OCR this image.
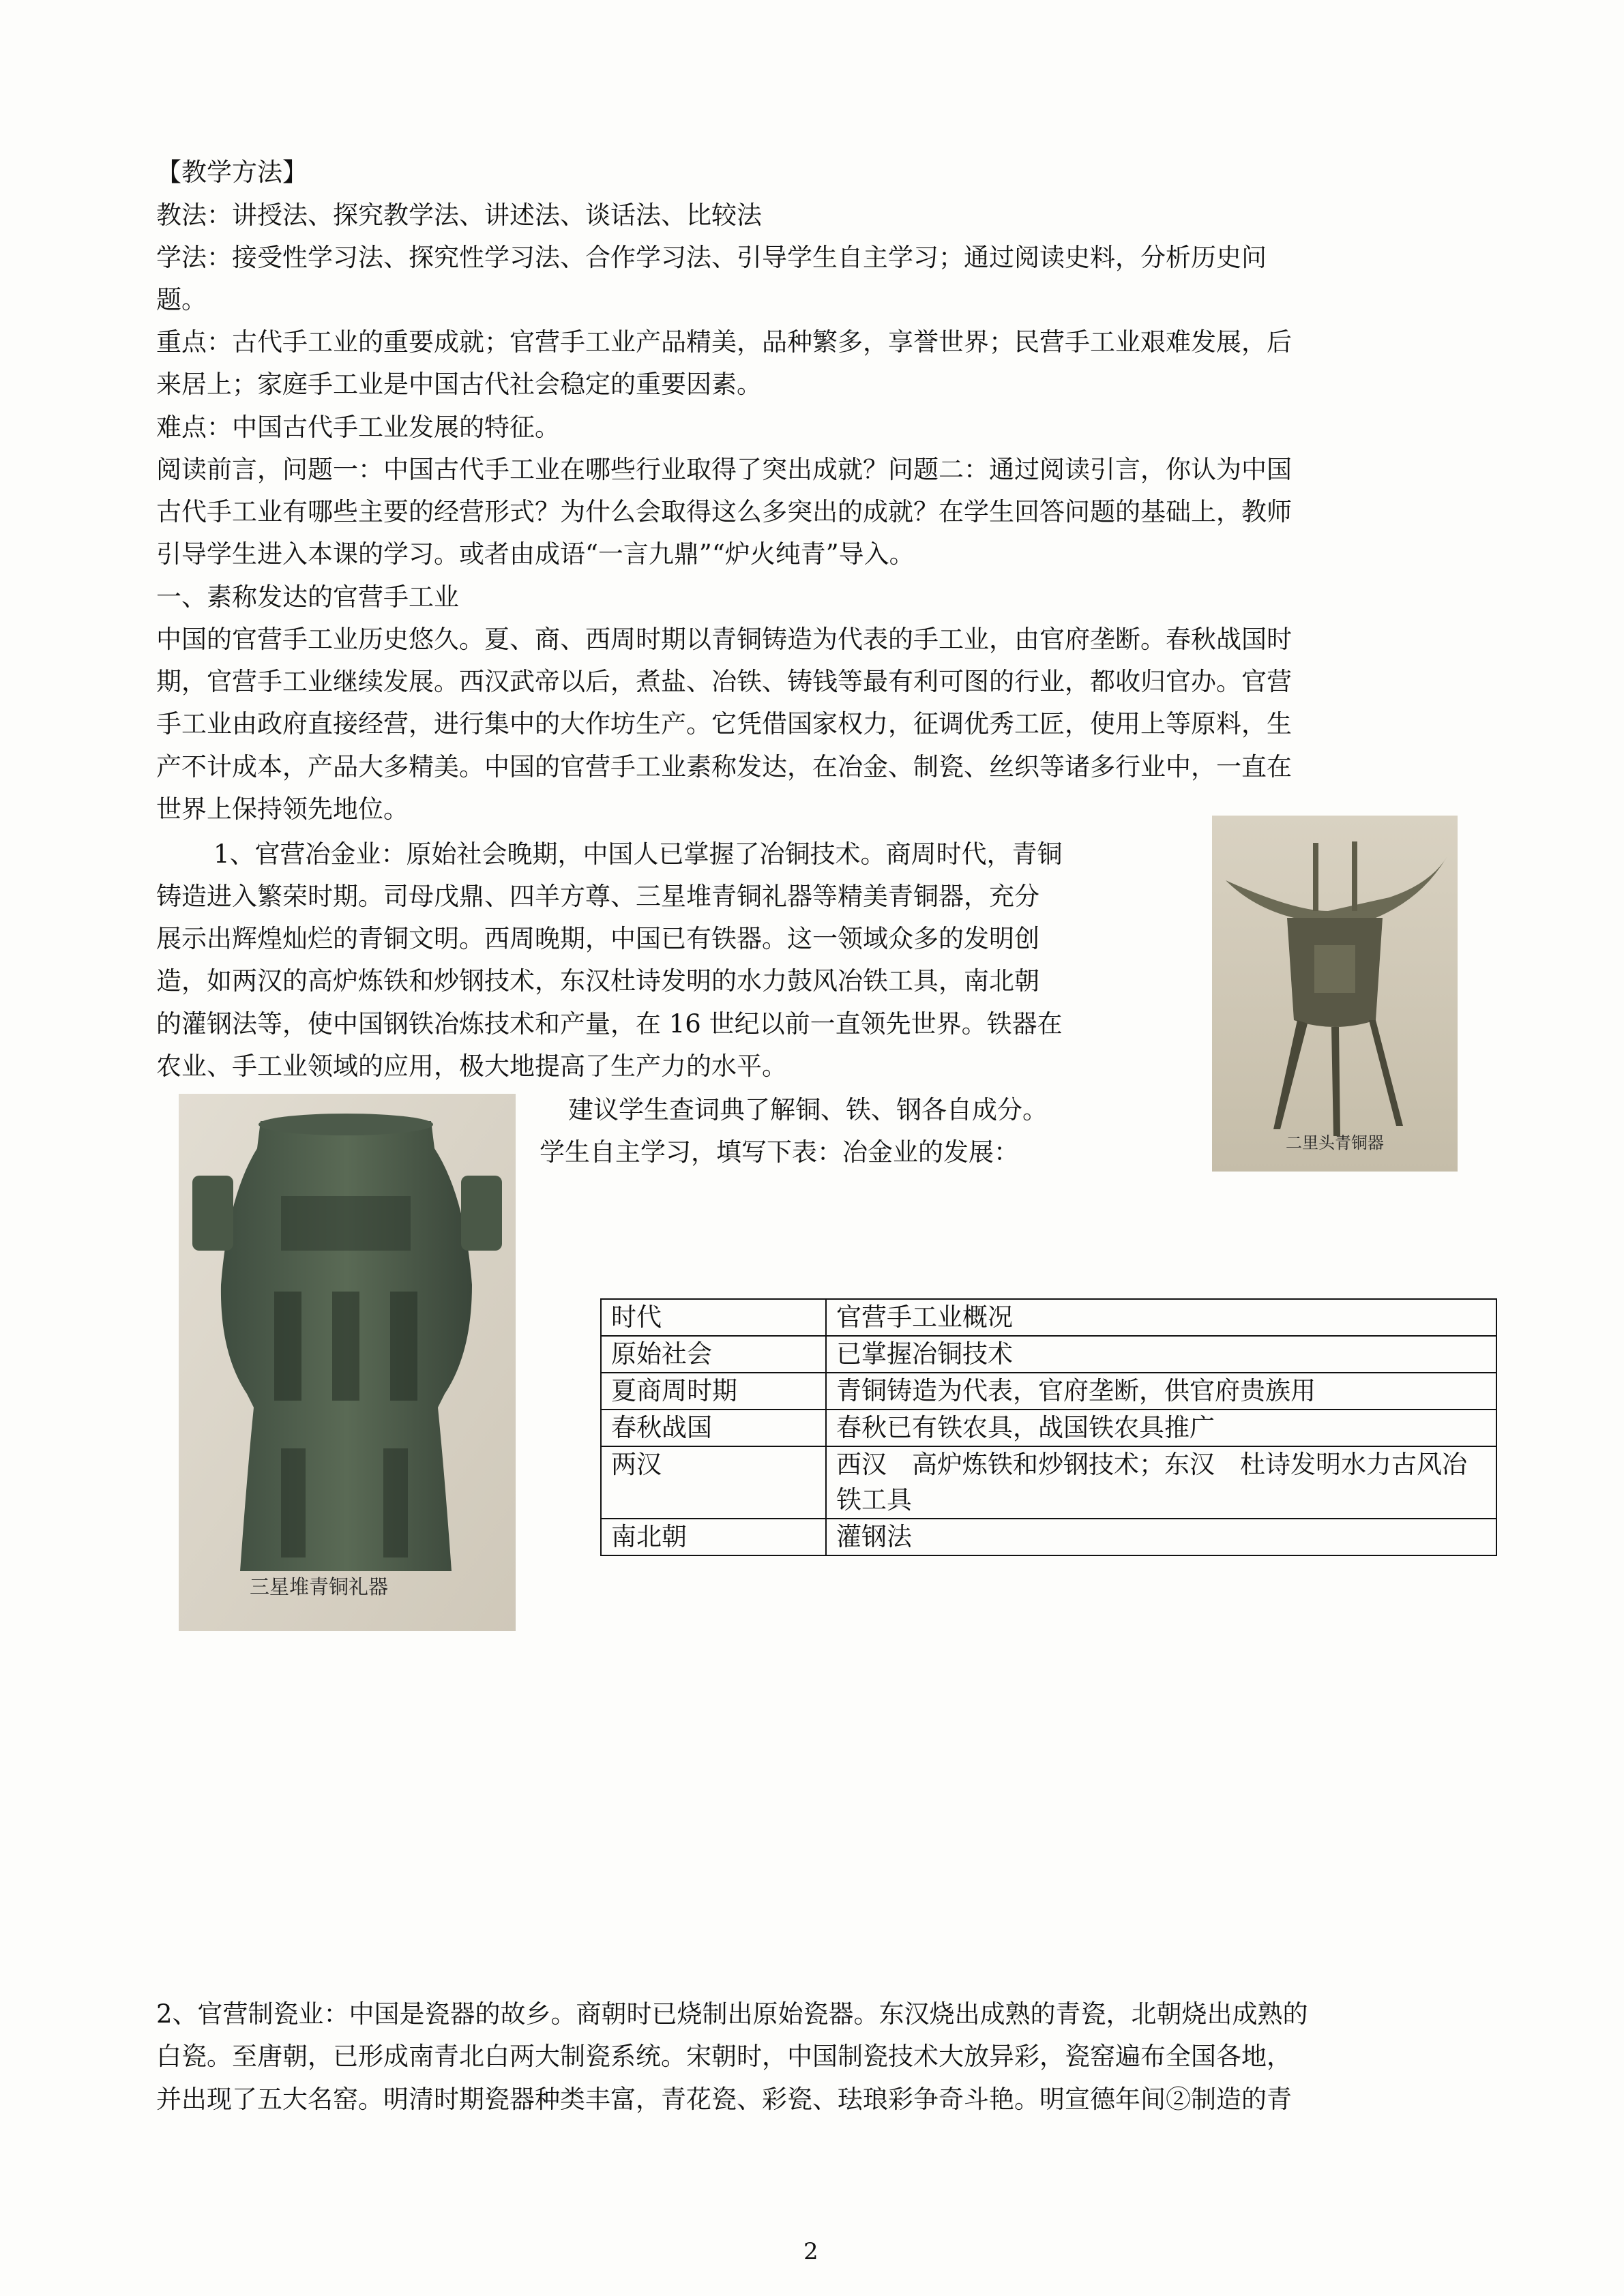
【教学方法】
教法：讲授法、探究教学法、讲述法、谈话法、比较法
学法：接受性学习法、探究性学习法、合作学习法、引导学生自主学习；通过阅读史料，分析历史问
题。
重点：古代手工业的重要成就；官营手工业产品精美，品种繁多，享誉世界；民营手工业艰难发展，后
来居上；家庭手工业是中国古代社会稳定的重要因素。
难点：中国古代手工业发展的特征。
阅读前言，问题一：中国古代手工业在哪些行业取得了突出成就？问题二：通过阅读引言，你认为中国
古代手工业有哪些主要的经营形式？为什么会取得这么多突出的成就？在学生回答问题的基础上，教师
引导学生进入本课的学习。或者由成语“一言九鼎”“炉火纯青”导入。
一、素称发达的官营手工业
中国的官营手工业历史悠久。夏、商、西周时期以青铜铸造为代表的手工业，由官府垄断。春秋战国时
期，官营手工业继续发展。西汉武帝以后，煮盐、冶铁、铸钱等最有利可图的行业，都收归官办。官营
手工业由政府直接经营，进行集中的大作坊生产。它凭借国家权力，征调优秀工匠，使用上等原料，生
产不计成本，产品大多精美。中国的官营手工业素称发达，在冶金、制瓷、丝织等诸多行业中，一直在
世界上保持领先地位。
1、官营冶金业：原始社会晚期，中国人已掌握了冶铜技术。商周时代，青铜
铸造进入繁荣时期。司母戊鼎、四羊方尊、三星堆青铜礼器等精美青铜器，充分
展示出辉煌灿烂的青铜文明。西周晚期，中国已有铁器。这一领域众多的发明创
造，如两汉的高炉炼铁和炒钢技术，东汉杜诗发明的水力鼓风冶铁工具，南北朝
的灌钢法等，使中国钢铁冶炼技术和产量，在 16 世纪以前一直领先世界。铁器在
农业、手工业领域的应用，极大地提高了生产力的水平。
建议学生查词典了解铜、铁、钢各自成分。
学生自主学习，填写下表：冶金业的发展：	二里头青铜器
三星堆青铜礼器
时代	官营手工业概况
原始社会	已掌握冶铜技术
夏商周时期	青铜铸造为代表，官府垄断，供官府贵族用
春秋战国	春秋已有铁农具，战国铁农具推广
两汉	西汉　高炉炼铁和炒钢技术；东汉　杜诗发明水力古风冶铁工具
南北朝	灌钢法
2、官营制瓷业：中国是瓷器的故乡。商朝时已烧制出原始瓷器。东汉烧出成熟的青瓷，北朝烧出成熟的
白瓷。至唐朝，已形成南青北白两大制瓷系统。宋朝时，中国制瓷技术大放异彩，瓷窑遍布全国各地，
并出现了五大名窑。明清时期瓷器种类丰富，青花瓷、彩瓷、珐琅彩争奇斗艳。明宣德年间②制造的青
2
